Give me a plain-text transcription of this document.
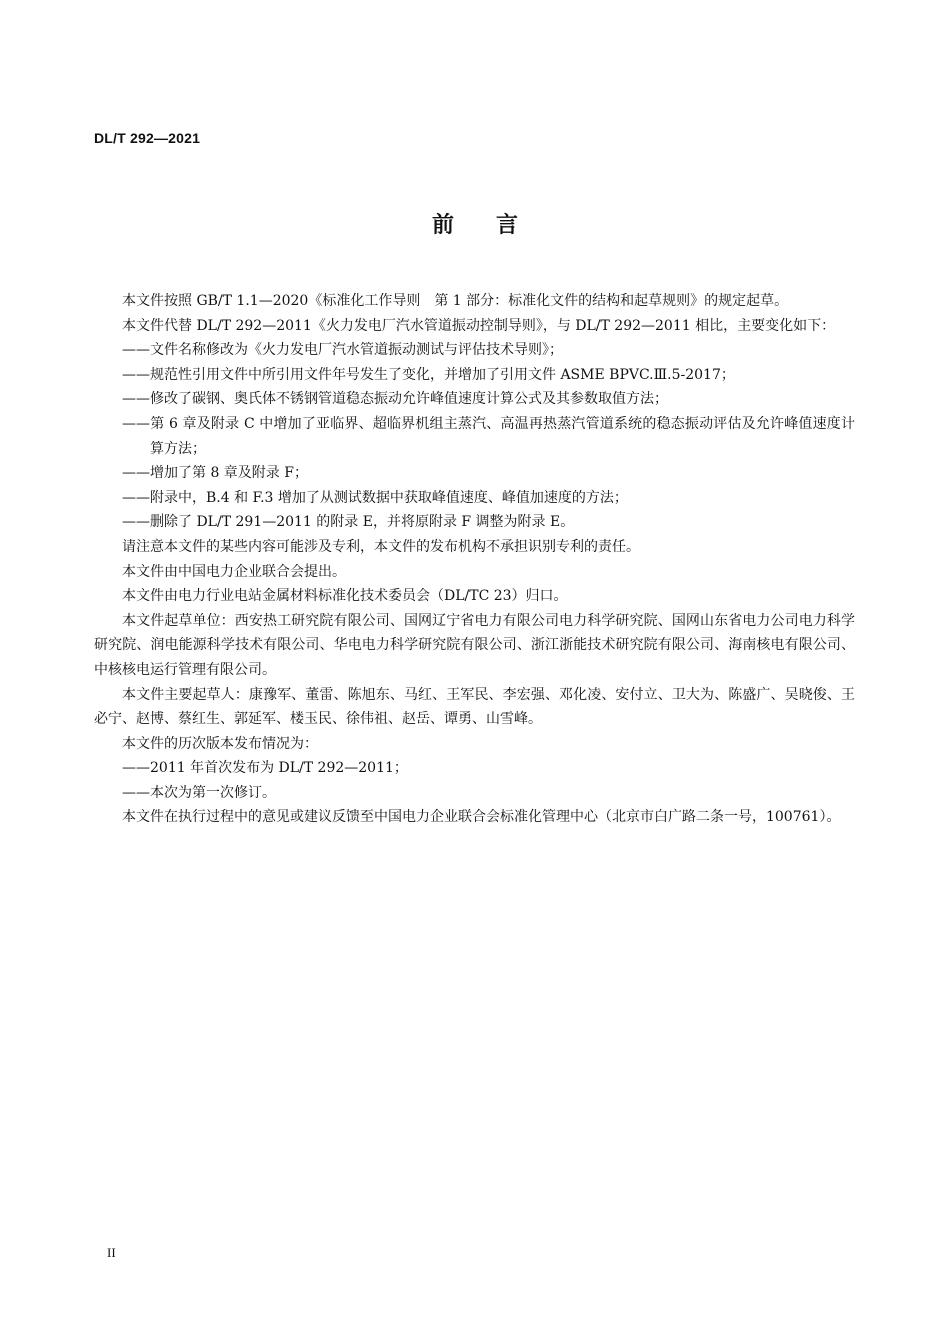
DL/T 292—2021
前言

本文件按照 GB/T 1.1—2020《标准化工作导则　第 1 部分：标准化文件的结构和起草规则》的规定起草。

本文件代替 DL/T 292—2011《火力发电厂汽水管道振动控制导则》，与 DL/T 292—2011 相比，主要变化如下：

——文件名称修改为《火力发电厂汽水管道振动测试与评估技术导则》；

——规范性引用文件中所引用文件年号发生了变化，并增加了引用文件 ASME BPVC.Ⅲ.5-2017；

——修改了碳钢、奥氏体不锈钢管道稳态振动允许峰值速度计算公式及其参数取值方法；

——第 6 章及附录 C 中增加了亚临界、超临界机组主蒸汽、高温再热蒸汽管道系统的稳态振动评估及允许峰值速度计算方法；

——增加了第 8 章及附录 F；

——附录中，B.4 和 F.3 增加了从测试数据中获取峰值速度、峰值加速度的方法；

——删除了 DL/T 291—2011 的附录 E，并将原附录 F 调整为附录 E。

请注意本文件的某些内容可能涉及专利，本文件的发布机构不承担识别专利的责任。

本文件由中国电力企业联合会提出。

本文件由电力行业电站金属材料标准化技术委员会（DL/TC 23）归口。

本文件起草单位：西安热工研究院有限公司、国网辽宁省电力有限公司电力科学研究院、国网山东省电力公司电力科学研究院、润电能源科学技术有限公司、华电电力科学研究院有限公司、浙江浙能技术研究院有限公司、海南核电有限公司、中核核电运行管理有限公司。

本文件主要起草人：康豫军、董雷、陈旭东、马红、王军民、李宏强、邓化凌、安付立、卫大为、陈盛广、吴晓俊、王必宁、赵博、蔡红生、郭延军、楼玉民、徐伟祖、赵岳、谭勇、山雪峰。

本文件的历次版本发布情况为：

——2011 年首次发布为 DL/T 292—2011；

——本次为第一次修订。

本文件在执行过程中的意见或建议反馈至中国电力企业联合会标准化管理中心（北京市白广路二条一号，100761）。

II
